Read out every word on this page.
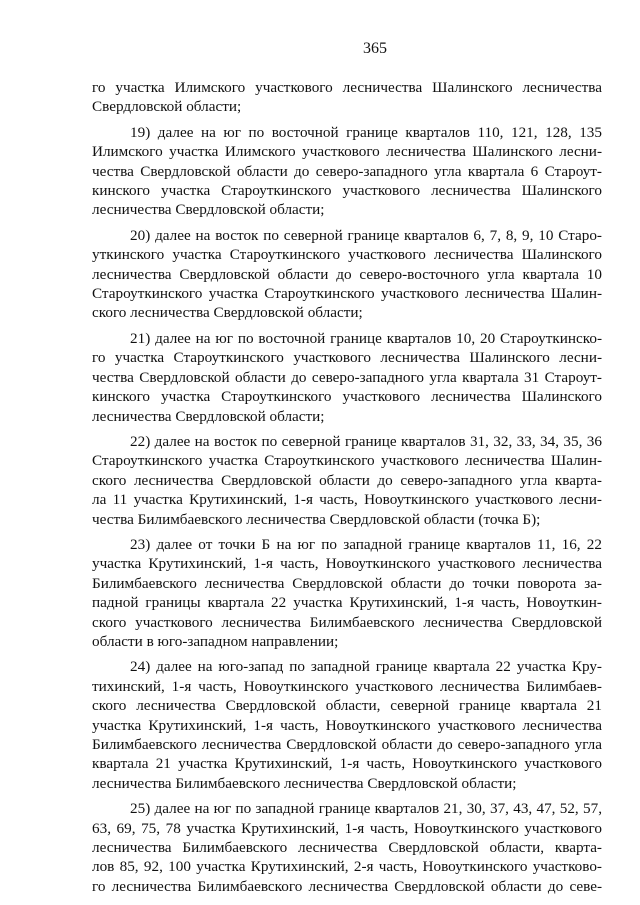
365
го участка Илимского участкового лесничества Шалинского лесничества
Свердловской области;
19) далее на юг по восточной границе кварталов 110, 121, 128, 135
Илимского участка Илимского участкового лесничества Шалинского лесни-
чества Свердловской области до северо-западного угла квартала 6 Староут-
кинского участка Староуткинского участкового лесничества Шалинского
лесничества Свердловской области;
20) далее на восток по северной границе кварталов 6, 7, 8, 9, 10 Старо-
уткинского участка Староуткинского участкового лесничества Шалинского
лесничества Свердловской области до северо-восточного угла квартала 10
Староуткинского участка Староуткинского участкового лесничества Шалин-
ского лесничества Свердловской области;
21) далее на юг по восточной границе кварталов 10, 20 Староуткинско-
го участка Староуткинского участкового лесничества Шалинского лесни-
чества Свердловской области до северо-западного угла квартала 31 Староут-
кинского участка Староуткинского участкового лесничества Шалинского
лесничества Свердловской области;
22) далее на восток по северной границе кварталов 31, 32, 33, 34, 35, 36
Староуткинского участка Староуткинского участкового лесничества Шалин-
ского лесничества Свердловской области до северо-западного угла кварта-
ла 11 участка Крутихинский, 1-я часть, Новоуткинского участкового лесни-
чества Билимбаевского лесничества Свердловской области (точка Б);
23) далее от точки Б на юг по западной границе кварталов 11, 16, 22
участка Крутихинский, 1-я часть, Новоуткинского участкового лесничества
Билимбаевского лесничества Свердловской области до точки поворота за-
падной границы квартала 22 участка Крутихинский, 1-я часть, Новоуткин-
ского участкового лесничества Билимбаевского лесничества Свердловской
области в юго-западном направлении;
24) далее на юго-запад по западной границе квартала 22 участка Кру-
тихинский, 1-я часть, Новоуткинского участкового лесничества Билимбаев-
ского лесничества Свердловской области, северной границе квартала 21
участка Крутихинский, 1-я часть, Новоуткинского участкового лесничества
Билимбаевского лесничества Свердловской области до северо-западного угла
квартала 21 участка Крутихинский, 1-я часть, Новоуткинского участкового
лесничества Билимбаевского лесничества Свердловской области;
25) далее на юг по западной границе кварталов 21, 30, 37, 43, 47, 52, 57,
63, 69, 75, 78 участка Крутихинский, 1-я часть, Новоуткинского участкового
лесничества Билимбаевского лесничества Свердловской области, кварта-
лов 85, 92, 100 участка Крутихинский, 2-я часть, Новоуткинского участково-
го лесничества Билимбаевского лесничества Свердловской области до севе-
